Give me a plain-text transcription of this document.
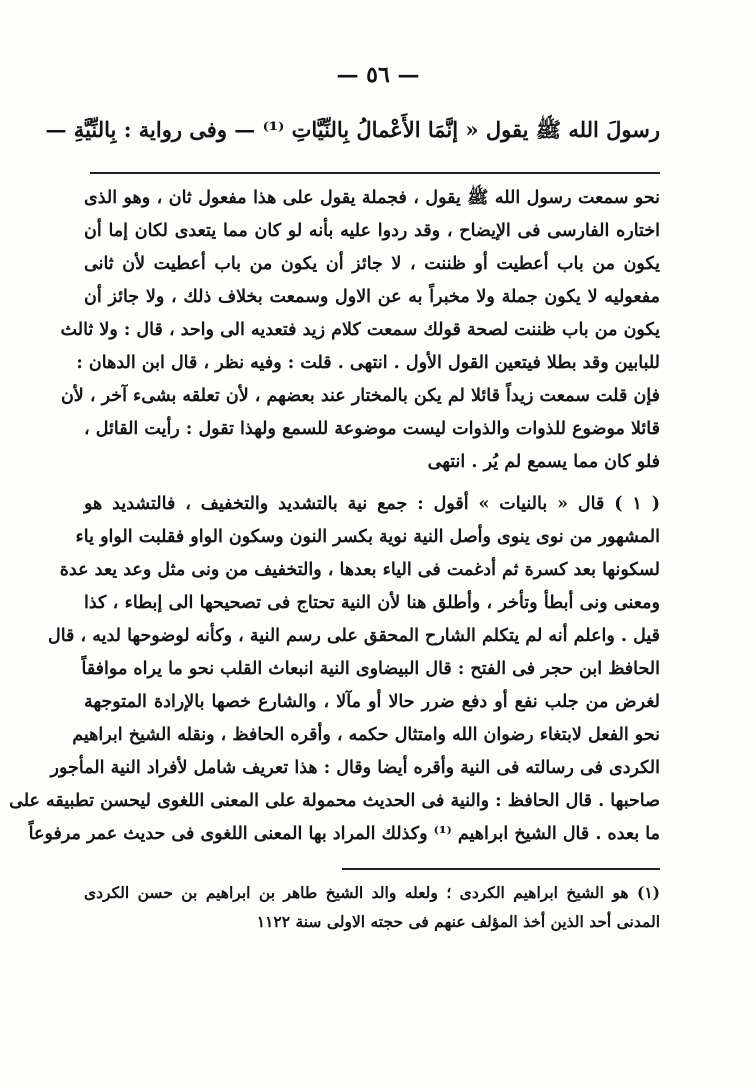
— ٥٦ —
رسولَ الله ﷺ يقول « إنَّمَا الأَعْمالُ بِالنِّيَّاتِ ⁽¹⁾ — وفى رواية : بِالنِّيَّةِ —
نحو سمعت رسول الله ﷺ يقول ، فجملة يقول على هذا مفعول ثان ، وهو الذى
اختاره الفارسى فى الإيضاح ، وقد ردوا عليه بأنه لو كان مما يتعدى لكان إما أن
يكون من باب أعطيت أو ظننت ، لا جائز أن يكون من باب أعطيت لأن ثانى
مفعوليه لا يكون جملة ولا مخبراً به عن الاول وسمعت بخلاف ذلك ، ولا جائز أن
يكون من باب ظننت لصحة قولك سمعت كلام زيد فتعديه الى واحد ، قال : ولا ثالث
للبابين وقد بطلا فيتعين القول الأول . انتهى . قلت : وفيه نظر ، قال ابن الدهان :
فإن قلت سمعت زيداً قائلا لم يكن بالمختار عند بعضهم ، لأن تعلقه بشىء آخر ، لأن
قائلا موضوع للذوات والذوات ليست موضوعة للسمع ولهذا تقول : رأيت القائل ،
فلو كان مما يسمع لم يُر . انتهى
( ١ ) قال « بالنيات » أقول : جمع نية بالتشديد والتخفيف ، فالتشديد هو
المشهور من نوى ينوى وأصل النية نوية بكسر النون وسكون الواو فقلبت الواو ياء
لسكونها بعد كسرة ثم أدغمت فى الياء بعدها ، والتخفيف من ونى مثل وعد يعد عدة
ومعنى ونى أبطأ وتأخر ، وأطلق هنا لأن النية تحتاج فى تصحيحها الى إبطاء ، كذا
قيل . واعلم أنه لم يتكلم الشارح المحقق على رسم النية ، وكأنه لوضوحها لديه ، قال
الحافظ ابن حجر فى الفتح : قال البيضاوى النية انبعاث القلب نحو ما يراه موافقاً
لغرض من جلب نفع أو دفع ضرر حالا أو مآلا ، والشارع خصها بالإرادة المتوجهة
نحو الفعل لابتغاء رضوان الله وامتثال حكمه ، وأقره الحافظ ، ونقله الشيخ ابراهيم
الكردى فى رسالته فى النية وأقره أيضا وقال : هذا تعريف شامل لأفراد النية المأجور
صاحبها . قال الحافظ : والنية فى الحديث محمولة على المعنى اللغوى ليحسن تطبيقه على
ما بعده . قال الشيخ ابراهيم ⁽¹⁾ وكذلك المراد بها المعنى اللغوى فى حديث عمر مرفوعاً
(١) هو الشيخ ابراهيم الكردى ؛ ولعله والد الشيخ طاهر بن ابراهيم بن حسن الكردى
المدنى أحد الذين أخذ المؤلف عنهم فى حجته الاولى سنة ١١٢٢
